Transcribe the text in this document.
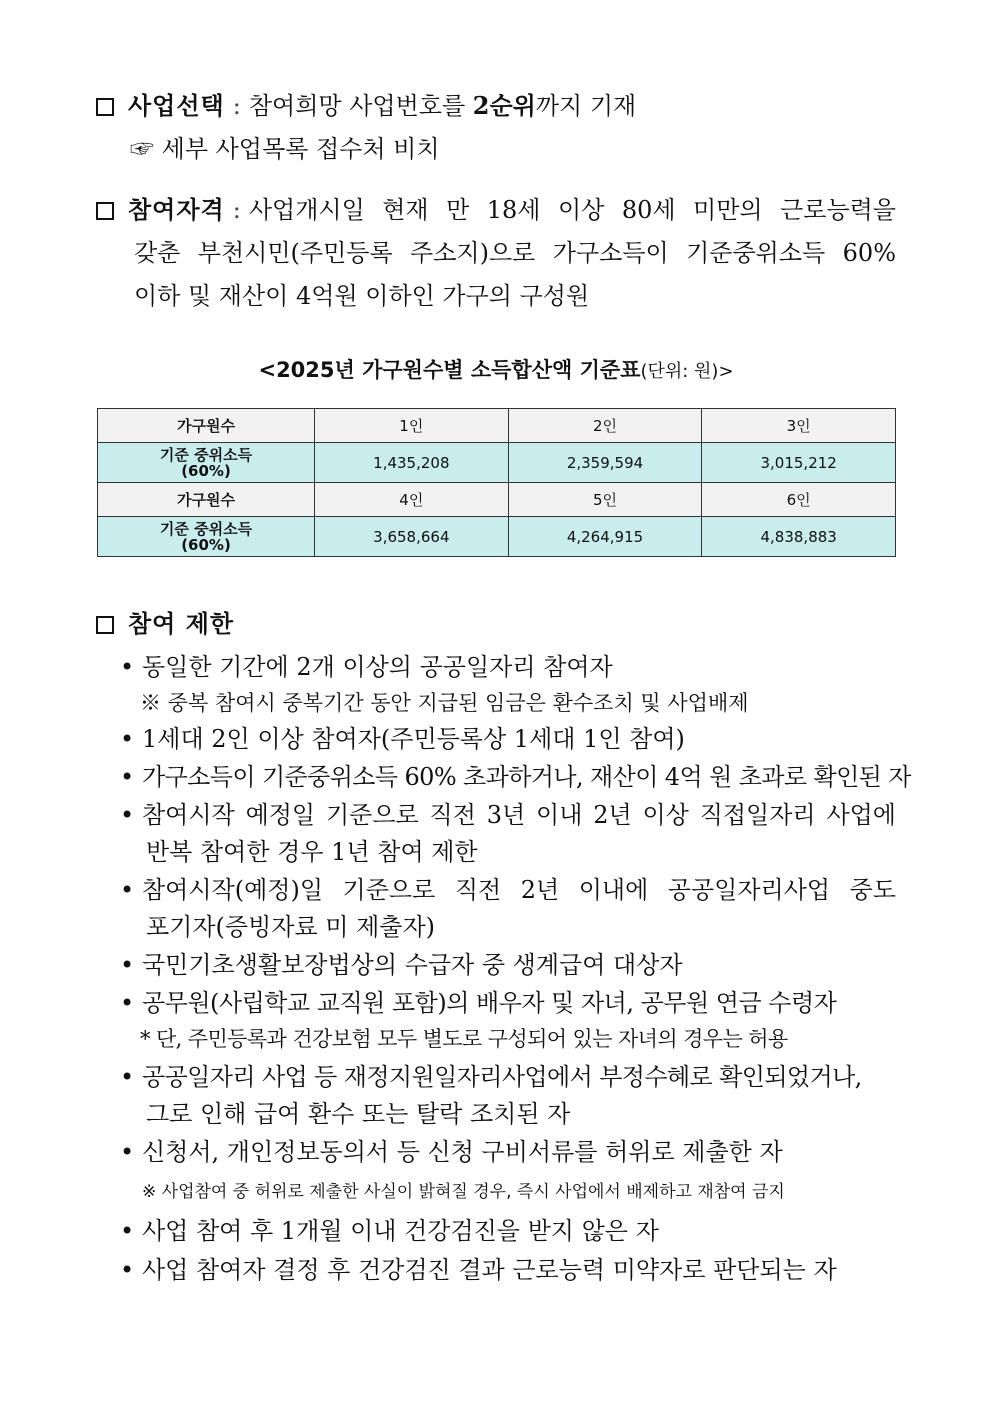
사업선택 : 참여희망 사업번호를 2순위까지 기재
☞ 세부 사업목록 접수처 비치
참여자격 : 사업개시일 현재 만 18세 이상 80세 미만의 근로능력을
갖춘 부천시민(주민등록 주소지)으로 가구소득이 기준중위소득 60%
이하 및 재산이 4억원 이하인 가구의 구성원
<2025년 가구원수별 소득합산액 기준표(단위: 원)>
가구원수	1인	2인	3인
기준 중위소득
(60%)	1,435,208	2,359,594	3,015,212
가구원수	4인	5인	6인
기준 중위소득
(60%)	3,658,664	4,264,915	4,838,883
참여 제한
• 동일한 기간에 2개 이상의 공공일자리 참여자
※ 중복 참여시 중복기간 동안 지급된 임금은 환수조치 및 사업배제
• 1세대 2인 이상 참여자(주민등록상 1세대 1인 참여)
• 가구소득이 기준중위소득 60% 초과하거나, 재산이 4억 원 초과로 확인된 자
• 참여시작 예정일 기준으로 직전 3년 이내 2년 이상 직접일자리 사업에
반복 참여한 경우 1년 참여 제한
• 참여시작(예정)일 기준으로 직전 2년 이내에 공공일자리사업 중도
포기자(증빙자료 미 제출자)
• 국민기초생활보장법상의 수급자 중 생계급여 대상자
• 공무원(사립학교 교직원 포함)의 배우자 및 자녀, 공무원 연금 수령자
* 단, 주민등록과 건강보험 모두 별도로 구성되어 있는 자녀의 경우는 허용
• 공공일자리 사업 등 재정지원일자리사업에서 부정수혜로 확인되었거나,
그로 인해 급여 환수 또는 탈락 조치된 자
• 신청서, 개인정보동의서 등 신청 구비서류를 허위로 제출한 자
※ 사업참여 중 허위로 제출한 사실이 밝혀질 경우, 즉시 사업에서 배제하고 재참여 금지
• 사업 참여 후 1개월 이내 건강검진을 받지 않은 자
• 사업 참여자 결정 후 건강검진 결과 근로능력 미약자로 판단되는 자
